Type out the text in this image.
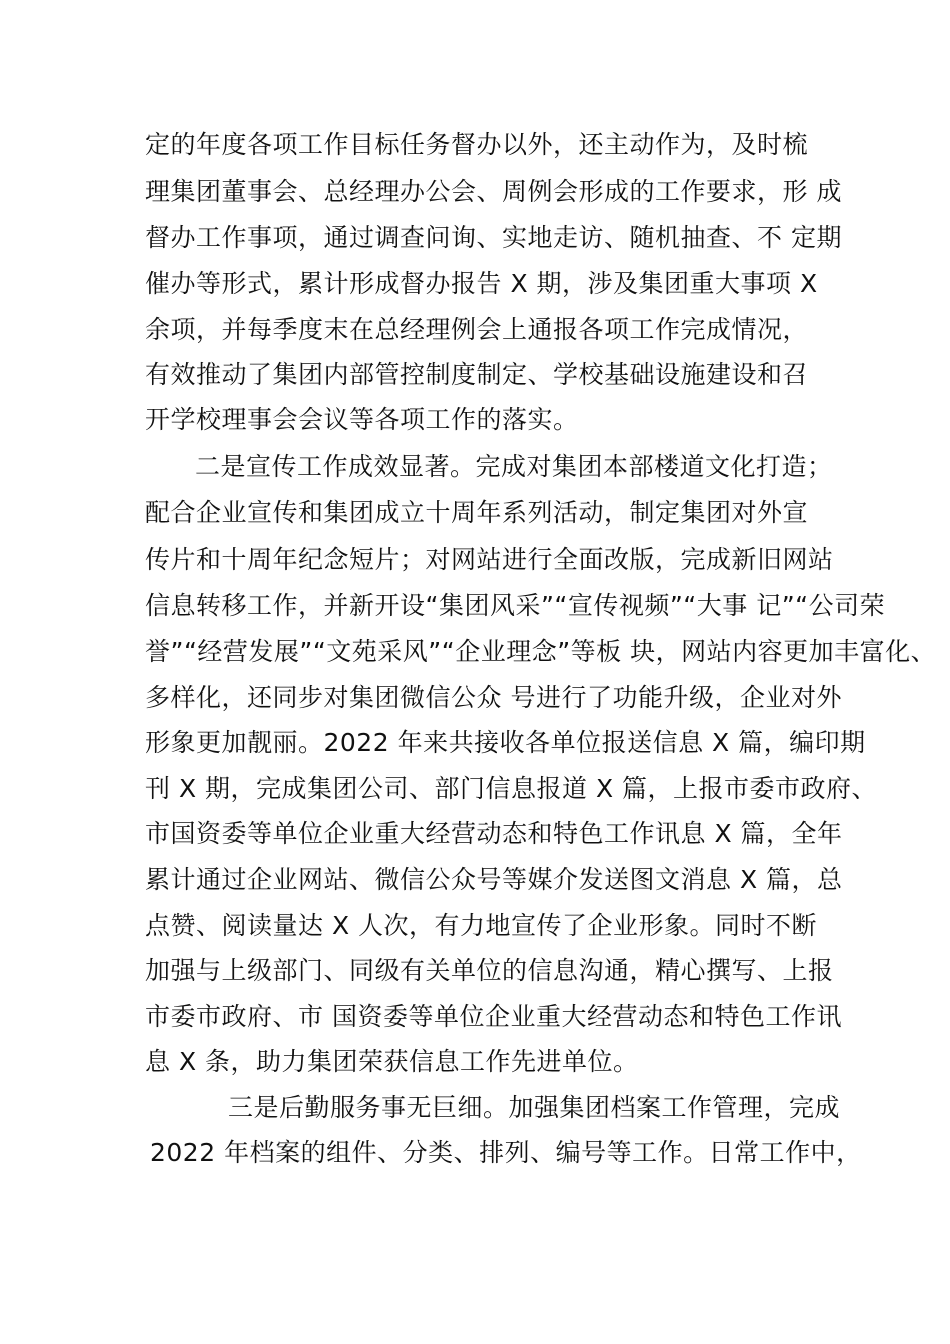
定的年度各项工作目标任务督办以外，还主动作为，及时梳
理集团董事会、总经理办公会、周例会形成的工作要求，形 成
督办工作事项，通过调查问询、实地走访、随机抽查、不 定期
催办等形式，累计形成督办报告 X 期，涉及集团重大事项 X
余项，并每季度末在总经理例会上通报各项工作完成情况，
有效推动了集团内部管控制度制定、学校基础设施建设和召
开学校理事会会议等各项工作的落实。
二是宣传工作成效显著。完成对集团本部楼道文化打造；
配合企业宣传和集团成立十周年系列活动，制定集团对外宣
传片和十周年纪念短片；对网站进行全面改版，完成新旧网站
信息转移工作，并新开设“集团风采”“宣传视频”“大事 记”“公司荣
誉”“经营发展”“文苑采风”“企业理念”等板 块，网站内容更加丰富化、
多样化，还同步对集团微信公众 号进行了功能升级，企业对外
形象更加靓丽。2022 年来共接收各单位报送信息 X 篇，编印期
刊 X 期，完成集团公司、部门信息报道 X 篇，上报市委市政府、
市国资委等单位企业重大经营动态和特色工作讯息 X 篇，全年
累计通过企业网站、微信公众号等媒介发送图文消息 X 篇，总
点赞、阅读量达 X 人次，有力地宣传了企业形象。同时不断
加强与上级部门、同级有关单位的信息沟通，精心撰写、上报
市委市政府、市 国资委等单位企业重大经营动态和特色工作讯
息 X 条，助力集团荣获信息工作先进单位。
三是后勤服务事无巨细。加强集团档案工作管理，完成
2022 年档案的组件、分类、排列、编号等工作。日常工作中，
